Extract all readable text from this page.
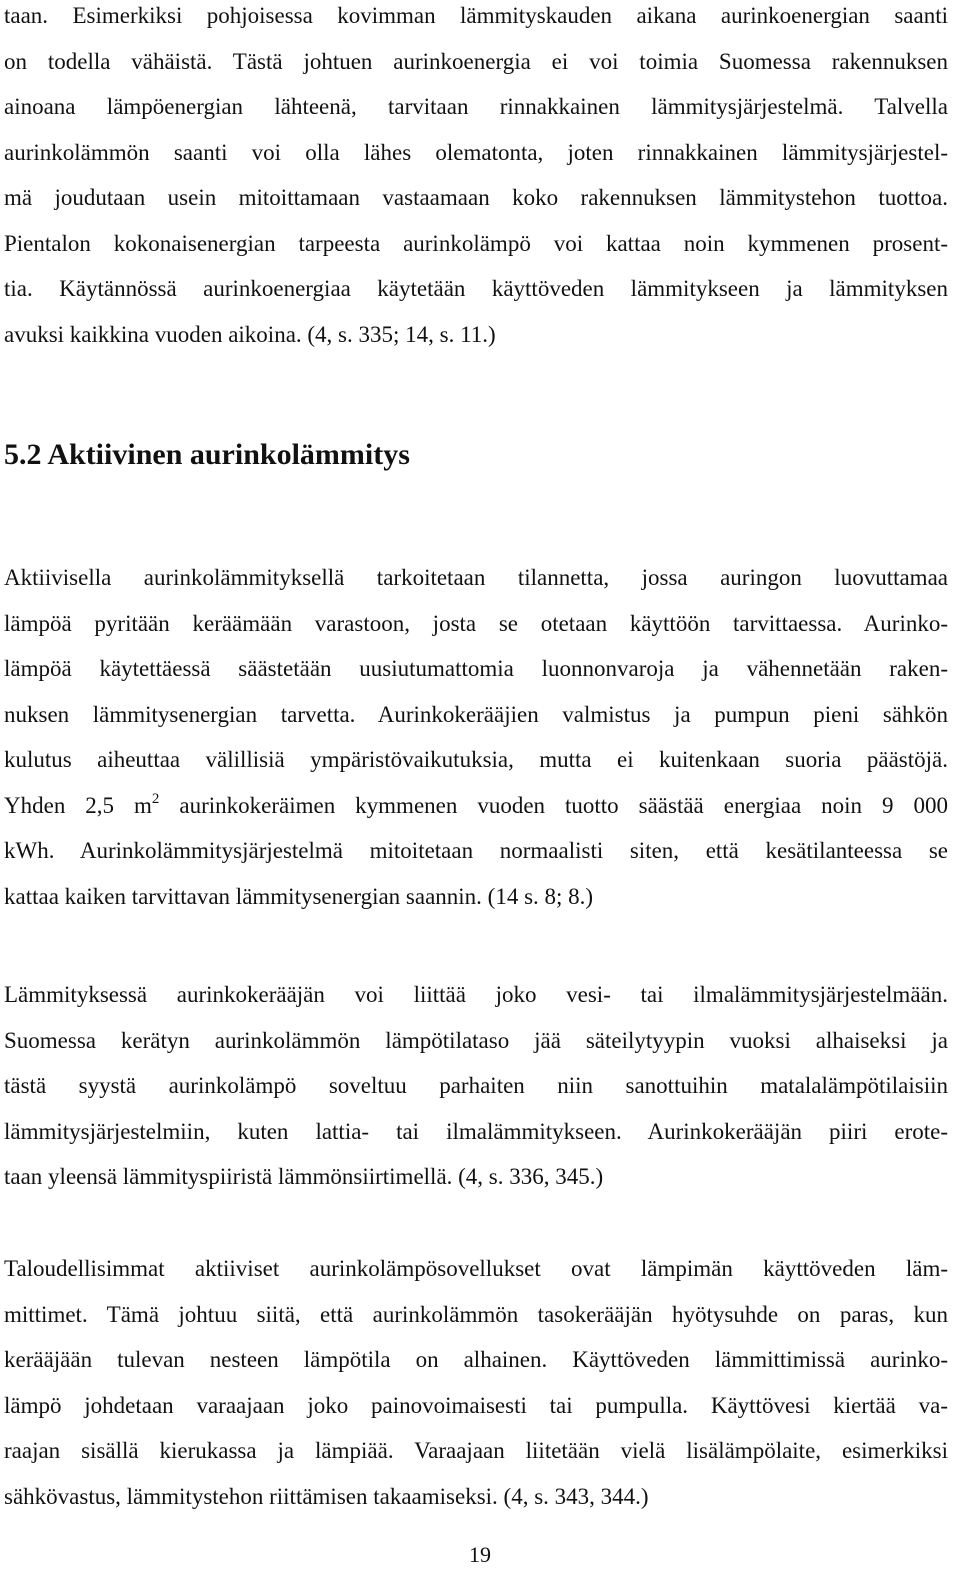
taan. Esimerkiksi pohjoisessa kovimman lämmityskauden aikana aurinkoenergian saanti
on todella vähäistä. Tästä johtuen aurinkoenergia ei voi toimia Suomessa rakennuksen
ainoana lämpöenergian lähteenä, tarvitaan rinnakkainen lämmitysjärjestelmä. Talvella
aurinkolämmön saanti voi olla lähes olematonta, joten rinnakkainen lämmitysjärjestel-
mä joudutaan usein mitoittamaan vastaamaan koko rakennuksen lämmitystehon tuottoa.
Pientalon kokonaisenergian tarpeesta aurinkolämpö voi kattaa noin kymmenen prosent-
tia. Käytännössä aurinkoenergiaa käytetään käyttöveden lämmitykseen ja lämmityksen
avuksi kaikkina vuoden aikoina. (4, s. 335; 14, s. 11.)
5.2 Aktiivinen aurinkolämmitys
Aktiivisella aurinkolämmityksellä tarkoitetaan tilannetta, jossa auringon luovuttamaa
lämpöä pyritään keräämään varastoon, josta se otetaan käyttöön tarvittaessa. Aurinko-
lämpöä käytettäessä säästetään uusiutumattomia luonnonvaroja ja vähennetään raken-
nuksen lämmitysenergian tarvetta. Aurinkokerääjien valmistus ja pumpun pieni sähkön
kulutus aiheuttaa välillisiä ympäristövaikutuksia, mutta ei kuitenkaan suoria päästöjä.
Yhden 2,5 $m^2$ aurinkokeräimen kymmenen vuoden tuotto säästää energiaa noin 9 000
kWh. Aurinkolämmitysjärjestelmä mitoitetaan normaalisti siten, että kesätilanteessa se
kattaa kaiken tarvittavan lämmitysenergian saannin. (14 s. 8; 8.)
Lämmityksessä aurinkokerääjän voi liittää joko vesi- tai ilmalämmitysjärjestelmään.
Suomessa kerätyn aurinkolämmön lämpötilataso jää säteilytyypin vuoksi alhaiseksi ja
tästä syystä aurinkolämpö soveltuu parhaiten niin sanottuihin matalalämpötilaisiin
lämmitysjärjestelmiin, kuten lattia- tai ilmalämmitykseen. Aurinkokerääjän piiri erote-
taan yleensä lämmityspiiristä lämmönsiirtimellä. (4, s. 336, 345.)
Taloudellisimmat aktiiviset aurinkolämpösovellukset ovat lämpimän käyttöveden läm-
mittimet. Tämä johtuu siitä, että aurinkolämmön tasokerääjän hyötysuhde on paras, kun
kerääjään tulevan nesteen lämpötila on alhainen. Käyttöveden lämmittimissä aurinko-
lämpö johdetaan varaajaan joko painovoimaisesti tai pumpulla. Käyttövesi kiertää va-
raajan sisällä kierukassa ja lämpiää. Varaajaan liitetään vielä lisälämpölaite, esimerkiksi
sähkövastus, lämmitystehon riittämisen takaamiseksi. (4, s. 343, 344.)
19
